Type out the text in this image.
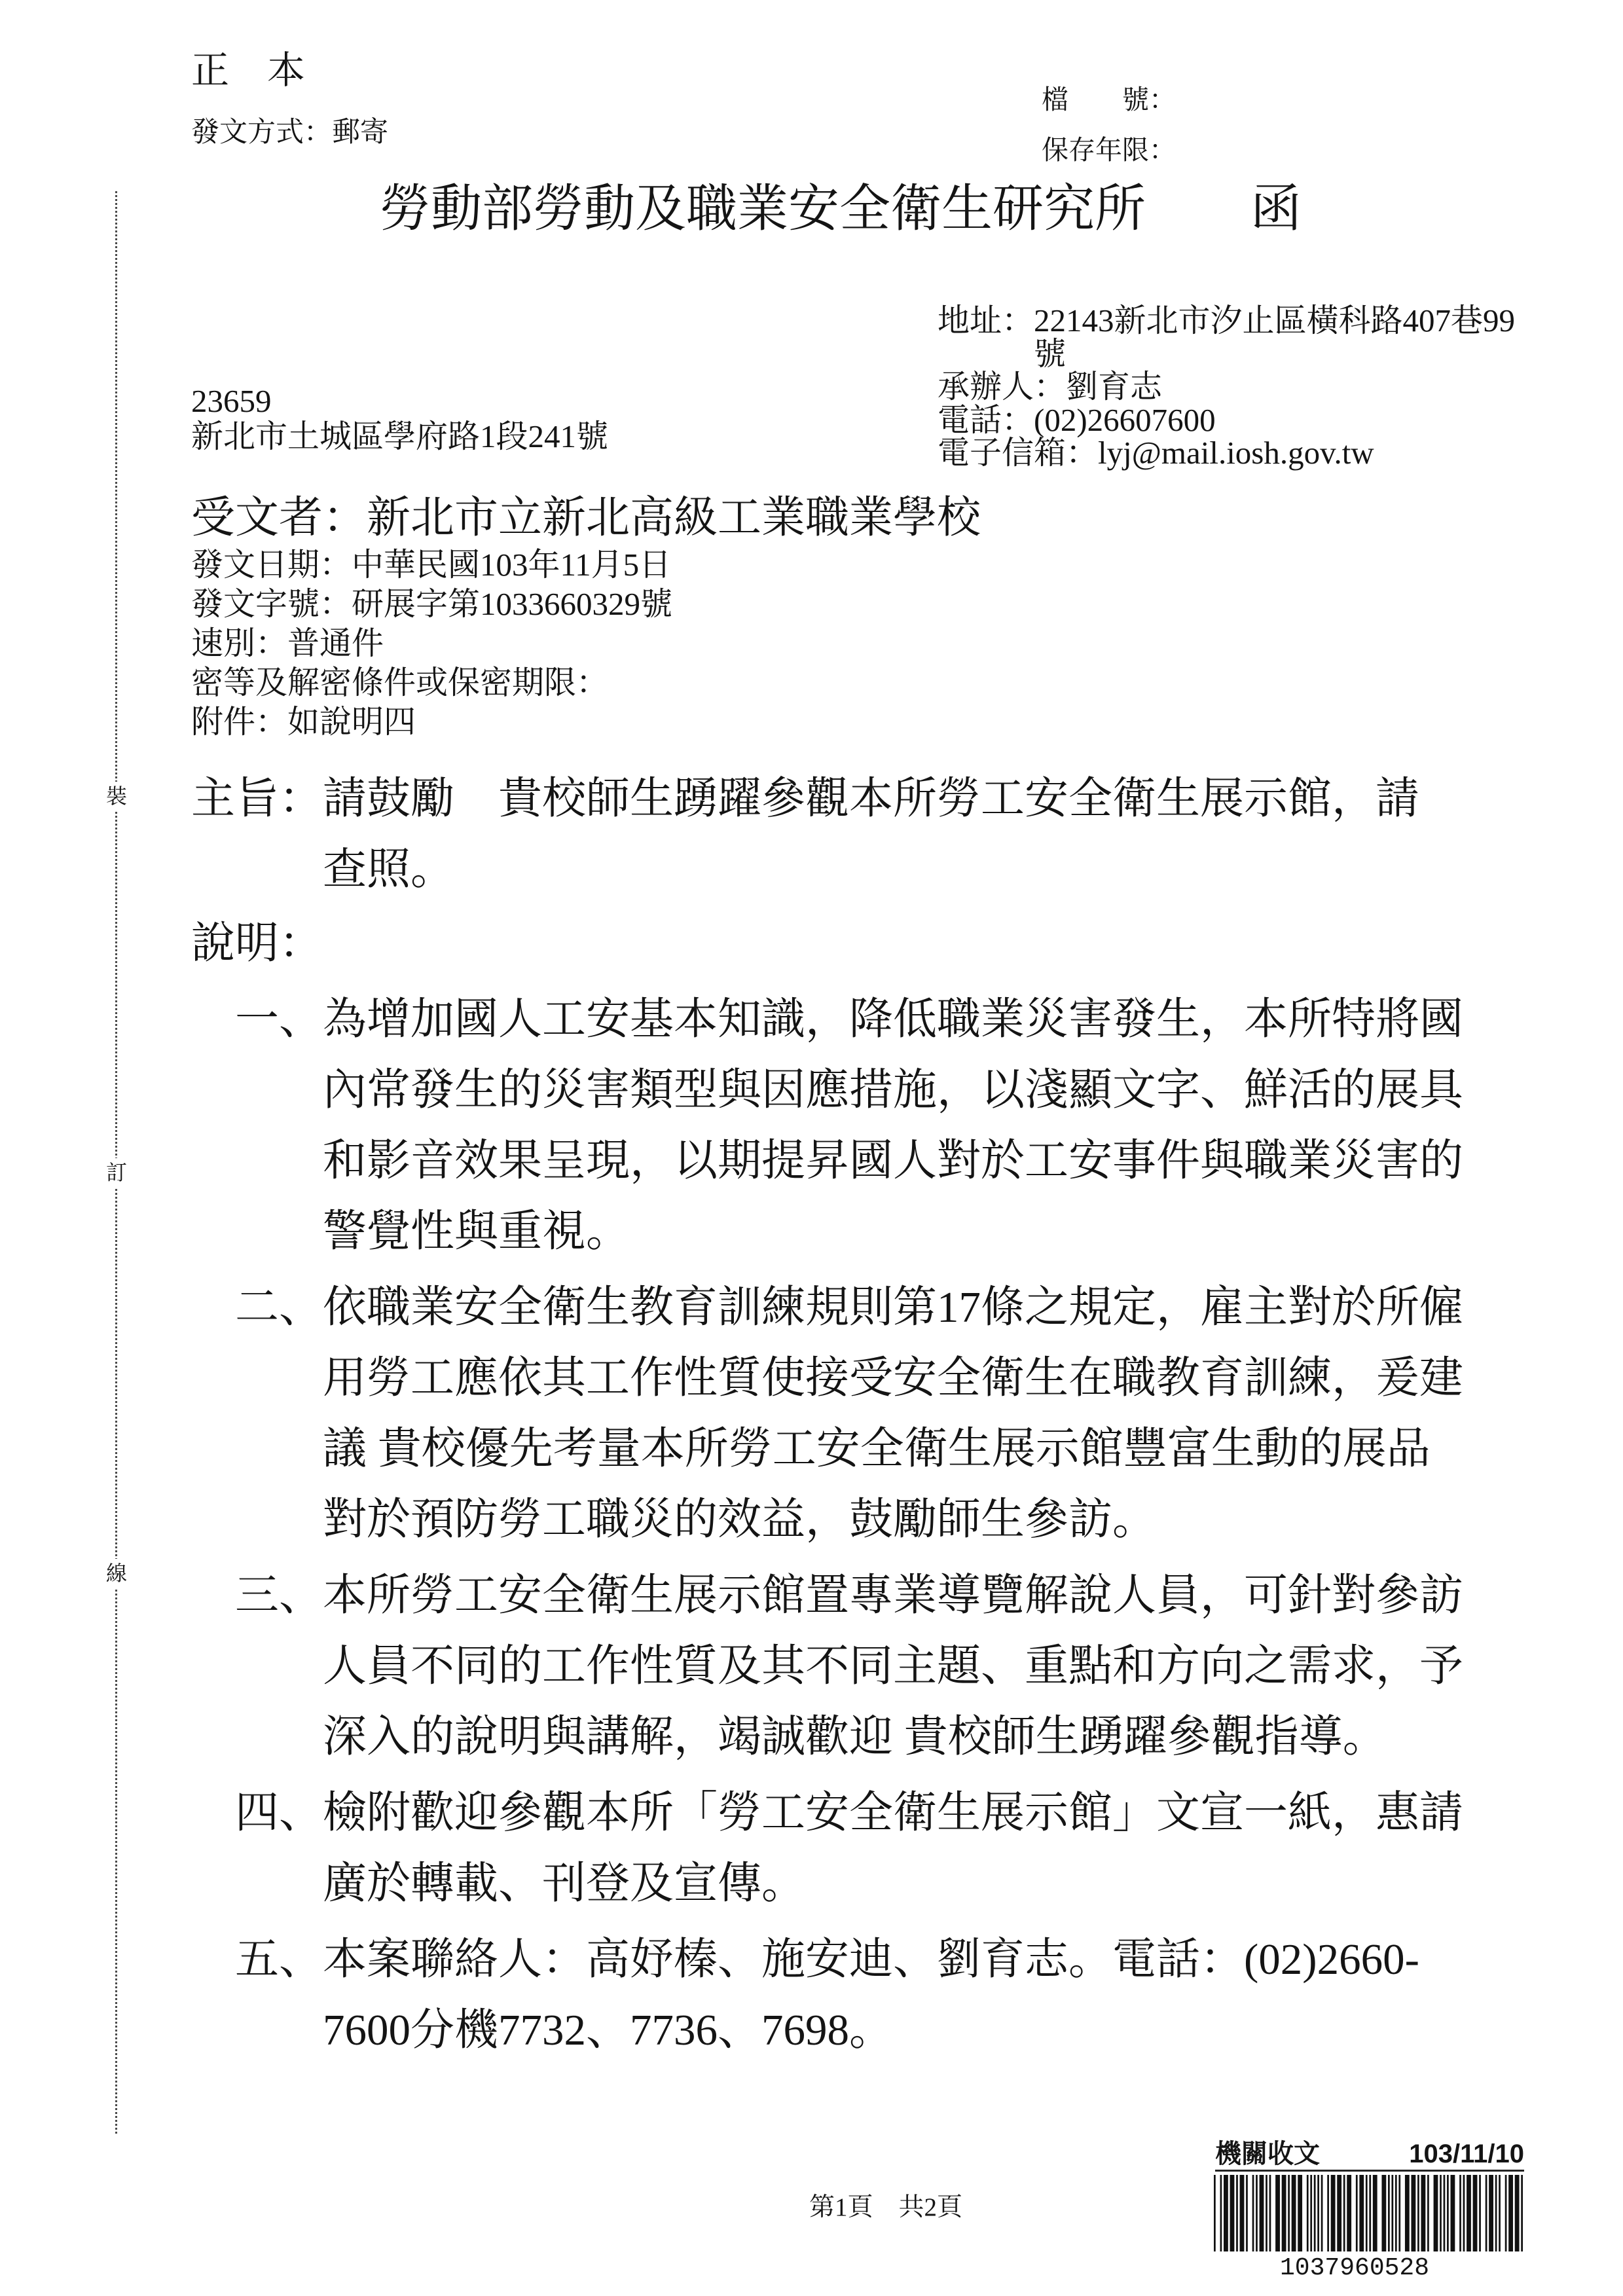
裝
訂
線
正　本
發文方式：郵寄
檔　　號：
保存年限：
勞動部勞動及職業安全衛生研究所 函
地址：22143新北市汐止區橫科路407巷99
號
承辦人：劉育志
電話：(02)26607600
電子信箱：lyj@mail.iosh.gov.tw
23659
新北市土城區學府路1段241號
受文者：新北市立新北高級工業職業學校
發文日期：中華民國103年11月5日
發文字號：研展字第1033660329號
速別：普通件
密等及解密條件或保密期限：
附件：如說明四
主旨：請鼓勵　貴校師生踴躍參觀本所勞工安全衛生展示館，請
查照。
說明：
一、為增加國人工安基本知識，降低職業災害發生，本所特將國
內常發生的災害類型與因應措施，以淺顯文字、鮮活的展具
和影音效果呈現，以期提昇國人對於工安事件與職業災害的
警覺性與重視。
二、依職業安全衛生教育訓練規則第17條之規定，雇主對於所僱
用勞工應依其工作性質使接受安全衛生在職教育訓練，爰建
議 貴校優先考量本所勞工安全衛生展示館豐富生動的展品
對於預防勞工職災的效益，鼓勵師生參訪。
三、本所勞工安全衛生展示館置專業導覽解說人員，可針對參訪
人員不同的工作性質及其不同主題、重點和方向之需求，予
深入的說明與講解，竭誠歡迎 貴校師生踴躍參觀指導。
四、檢附歡迎參觀本所「勞工安全衛生展示館」文宣一紙，惠請
廣於轉載、刊登及宣傳。
五、本案聯絡人：高妤榛、施安迪、劉育志。電話：(02)2660-
7600分機7732、7736、7698。
第1頁　共2頁
機關收文	103/11/10
1037960528
